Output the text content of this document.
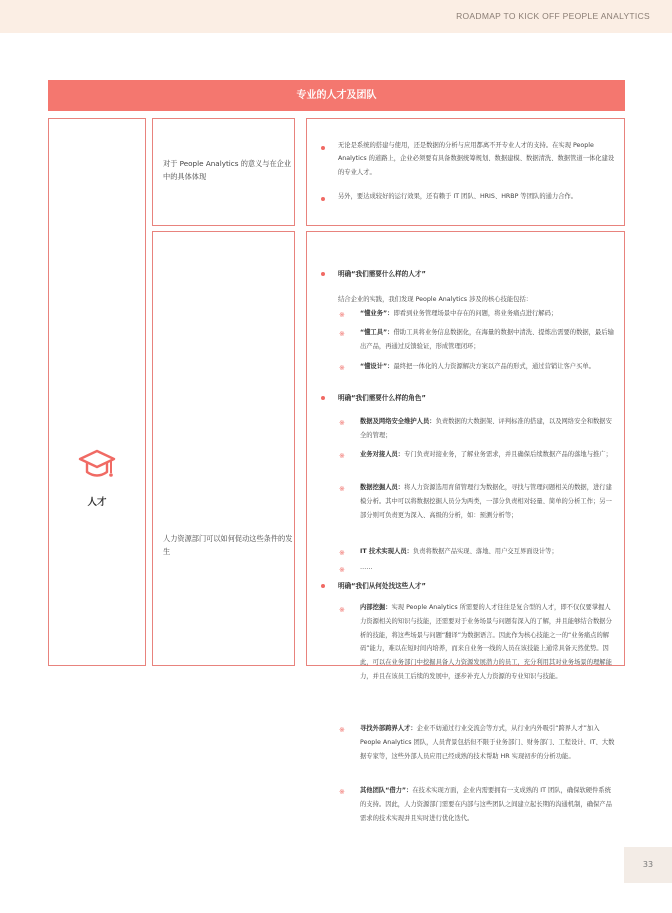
ROADMAP TO KICK OFF PEOPLE ANALYTICS
专业的人才及团队
人才
对于 People Analytics 的意义与在企业中的具体体现
人力资源部门可以如何促动这些条件的发生
无论是系统的搭建与使用，还是数据的分析与应用都离不开专业人才的支持。在实现 People Analytics 的道路上，企业必须要有具备数据统筹规划、数据建模、数据清洗、数据管道一体化建设的专业人才。
另外，要达成较好的运行效果，还有赖于 IT 团队、HRIS、HRBP 等团队的通力合作。
明确“我们需要什么样的人才”
结合企业的实践，我们发现 People Analytics 涉及的核心技能包括：
※ “懂业务”：即看到业务管理场景中存在的问题，将业务痛点进行解码；
※ “懂工具”：借助工具将业务信息数据化，在海量的数据中清洗、提炼出需要的数据，最后输出产品，再通过反馈验证，形成管理闭环；
※ “懂设计”：最终把一体化的人力资源解决方案以产品的形式，通过营销让客户买单。
明确“我们需要什么样的角色”
※ 数据及网络安全维护人员：负责数据的大数据架、评判标准的搭建，以及网络安全和数据安全的管理；
※ 业务对接人员：专门负责对接业务，了解业务需求，并且确保后续数据产品的落地与推广；
※ 数据挖掘人员：将人力资源选用育留管理行为数据化，寻找与管理问题相关的数据，进行建模分析。其中可以将数据挖掘人员分为两类，一部分负责相对轻量、简单的分析工作；另一部分则可负责更为深入、高级的分析，如：预测分析等；
※ IT 技术实现人员：负责将数据产品实现、落地、用户交互界面设计等；
※ ……
明确“我们从何处找这些人才”
※ 内部挖掘：实现 People Analytics 所需要的人才往往是复合型的人才，即不仅仅要掌握人力资源相关的知识与技能，还需要对于业务场景与问题有深入的了解，并且能够结合数据分析的技能，将这些场景与问题“翻译”为数据语言。因此作为核心技能之一的“业务痛点的解码”能力，难以在短时间内培养，而来自业务一线的人员在该技能上通常具备天然优势。因此，可以在业务部门中挖掘具备人力资源发展潜力的员工，充分利用其对业务场景的理解能力，并且在该员工后续的发展中，逐步补充人力资源的专业知识与技能。
※ 寻找外部跨界人才：企业不妨通过行业交流会等方式，从行业内外吸引“跨界人才”加入 People Analytics 团队，人员背景包括但不限于业务部门、财务部门、工程设计、IT、大数据专家等，这些外部人员应用已经成熟的技术帮助 HR 实现初步的分析功能。
※ 其他团队“借力”：在技术实现方面，企业内需要拥有一支成熟的 IT 团队，确保软硬件系统的支持。因此，人力资源部门需要在内部与这些团队之间建立起长期的沟通机制，确保产品需求的技术实现并且实时进行优化迭代。
33
